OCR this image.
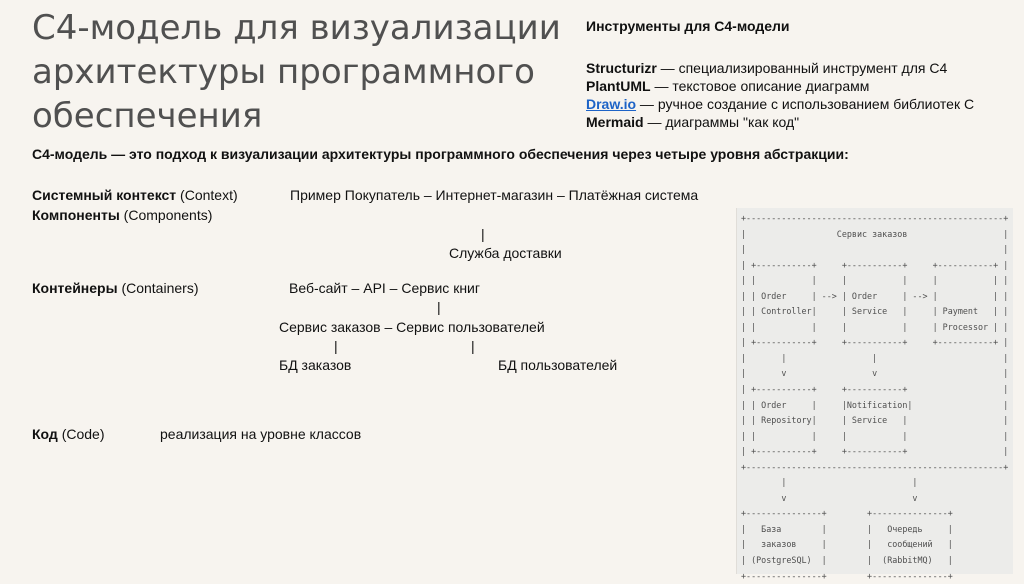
С4-модель для визуализации
архитектуры программного
обеспечения
Инструменты для С4-модели
Structurizr — специализированный инструмент для C4
PlantUML — текстовое описание диаграмм
Draw.io — ручное создание с использованием библиотек С
Mermaid — диаграммы "как код"
С4-модель — это подход к визуализации архитектуры программного обеспечения через четыре уровня абстракции:
Системный контекст (Context)	Пример Покупатель – Интернет-магазин – Платёжная система
Компоненты (Components)
|
Служба доставки
Контейнеры (Containers)	Веб-сайт – API – Сервис книг
|
Сервис заказов – Сервис пользователей
|	|
БД заказов	БД пользователей
Код (Code)	реализация на уровне классов
+---------------------------------------------------+
|                  Сервис заказов                   |
|                                                   |
| +-----------+     +-----------+     +-----------+ |
| |           |     |           |     |           | |
| | Order     | --> | Order     | --> |           | |
| | Controller|     | Service   |     | Payment   | |
| |           |     |           |     | Processor | |
| +-----------+     +-----------+     +-----------+ |
|       |                 |                         |
|       v                 v                         |
| +-----------+     +-----------+                   |
| | Order     |     |Notification|                  |
| | Repository|     | Service   |                   |
| |           |     |           |                   |
| +-----------+     +-----------+                   |
+---------------------------------------------------+
|                         |
v                         v
+---------------+        +---------------+
|   База        |        |   Очередь     |
|   заказов     |        |   сообщений   |
| (PostgreSQL)  |        |  (RabbitMQ)   |
+---------------+        +---------------+
